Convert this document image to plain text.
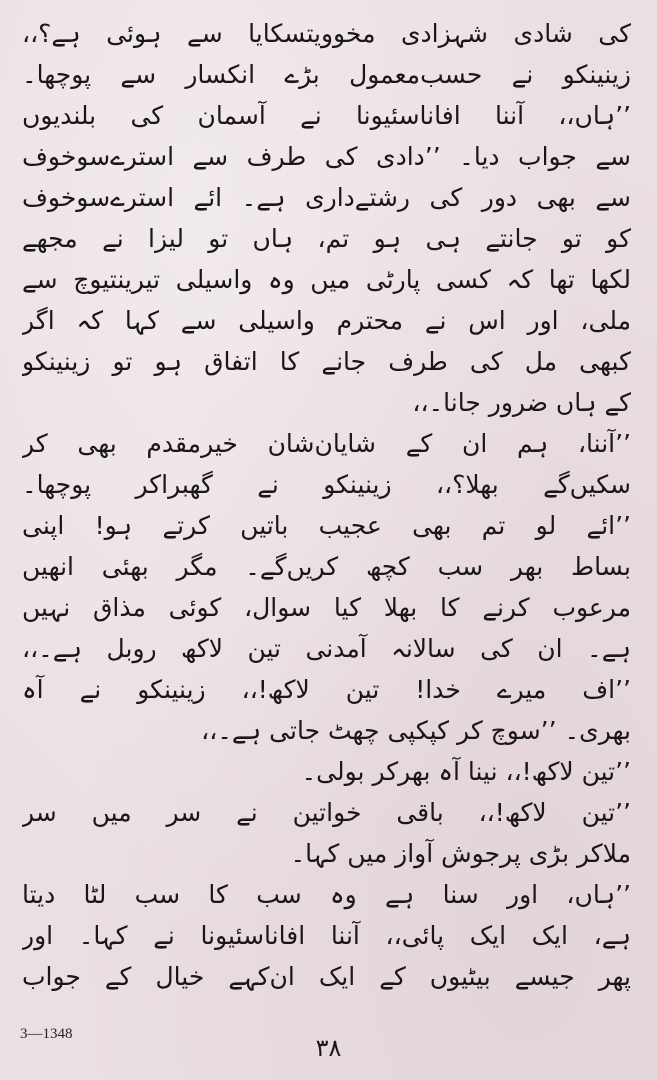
کی شادی شہزادی مخوویتسکایا سے ہوئی ہے؟،،
زینینکو نے حسب‌معمول بڑے انکسار سے پوچھا۔
’’ہاں،، آننا افاناسئیونا نے آسمان کی بلندیوں
سے جواب دیا۔ ’’دادی کی طرف سے استرےسوخوف
سے بھی دور کی رشتےداری ہے۔ ائے استرےسوخوف
کو تو جانتے ہی ہو تم، ہاں تو لیزا نے مجھے
لکھا تھا کہ کسی پارٹی میں وہ واسیلی تیرینتیوچ سے
ملی، اور اس نے محترم واسیلی سے کہا کہ اگر
کبھی مل کی طرف جانے کا اتفاق ہو تو زینینکو
کے ہاں ضرور جانا۔،،
’’آننا، ہم ان کے شایان‌شان خیرمقدم بھی کر
سکیں‌گے بھلا؟،، زینینکو نے گھبراکر پوچھا۔
’’ائے لو تم بھی عجیب باتیں کرتے ہو! اپنی
بساط بھر سب کچھ کریں‌گے۔ مگر بھئی انھیں
مرعوب کرنے کا بھلا کیا سوال، کوئی مذاق نہیں
ہے۔ ان کی سالانہ آمدنی تین لاکھ روبل ہے۔،،
’’اف میرے خدا! تین لاکھ!،، زینینکو نے آہ
بھری۔ ’’سوچ کر کپکپی چھٹ جاتی ہے۔،،
’’تین لاکھ!،، نینا آہ بھرکر بولی۔
’’تین لاکھ!،، باقی خواتین نے سر میں سر
ملاکر بڑی پرجوش آواز میں کہا۔
’’ہاں، اور سنا ہے وہ سب کا سب لٹا دیتا
ہے، ایک ایک پائی،، آننا افاناسئیونا نے کہا۔ اور
پھر جیسے بیٹیوں کے ایک ان‌کہے خیال کے جواب
3—1348	۳۸
